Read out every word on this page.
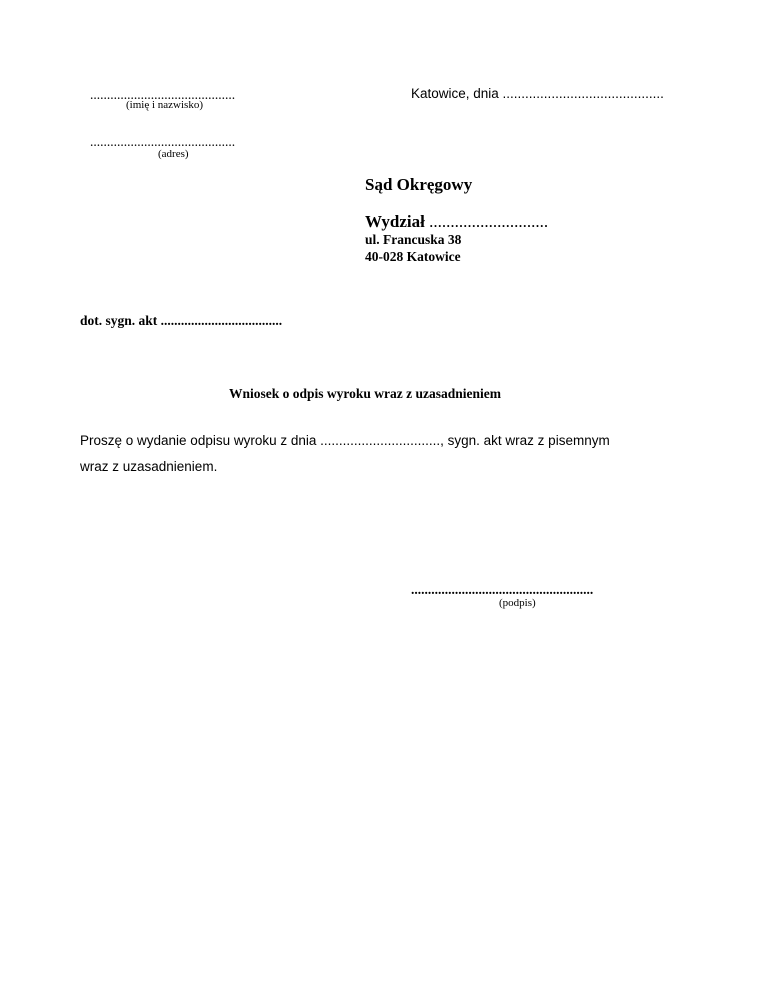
...........................................
(imię i nazwisko)
...........................................
(adres)
Katowice, dnia ...........................................
Sąd Okręgowy
Wydział ............................
ul. Francuska 38
40-028 Katowice
dot. sygn. akt ....................................
Wniosek o odpis wyroku wraz z uzasadnieniem
Proszę o wydanie odpisu wyroku z dnia ................................, sygn. akt wraz z pisemnym
wraz z uzasadnieniem.
......................................................
(podpis)
